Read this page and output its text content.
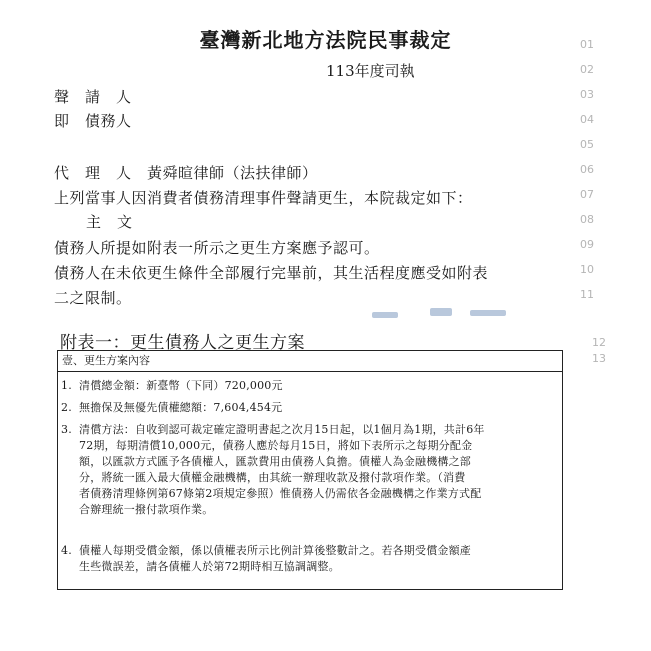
臺灣新北地方法院民事裁定
113年度司執
01
02
03
04
05
06
07
08
09
10
11
12
13
聲　請　人
即　債務人
代　理　人　黃舜暄律師（法扶律師）
上列當事人因消費者債務清理事件聲請更生，本院裁定如下：
主　文
債務人所提如附表一所示之更生方案應予認可。
債務人在未依更生條件全部履行完畢前，其生活程度應受如附表
二之限制。
附表一：更生債務人之更生方案
壹、更生方案內容
1. 清償總金額：新臺幣（下同）720,000元
2. 無擔保及無優先債權總額：7,604,454元
3. 清償方法：自收到認可裁定確定證明書起之次月15日起，以1個月為1期，共計6年
72期，每期清償10,000元，債務人應於每月15日，將如下表所示之每期分配金
額，以匯款方式匯予各債權人，匯款費用由債務人負擔。債權人為金融機構之部
分，將統一匯入最大債權金融機構，由其統一辦理收款及撥付款項作業。（消費
者債務清理條例第67條第2項規定參照）惟債務人仍需依各金融機構之作業方式配
合辦理統一撥付款項作業。
4. 債權人每期受償金額，係以債權表所示比例計算後整數計之。若各期受償金額產
生些微誤差，請各債權人於第72期時相互協調調整。
